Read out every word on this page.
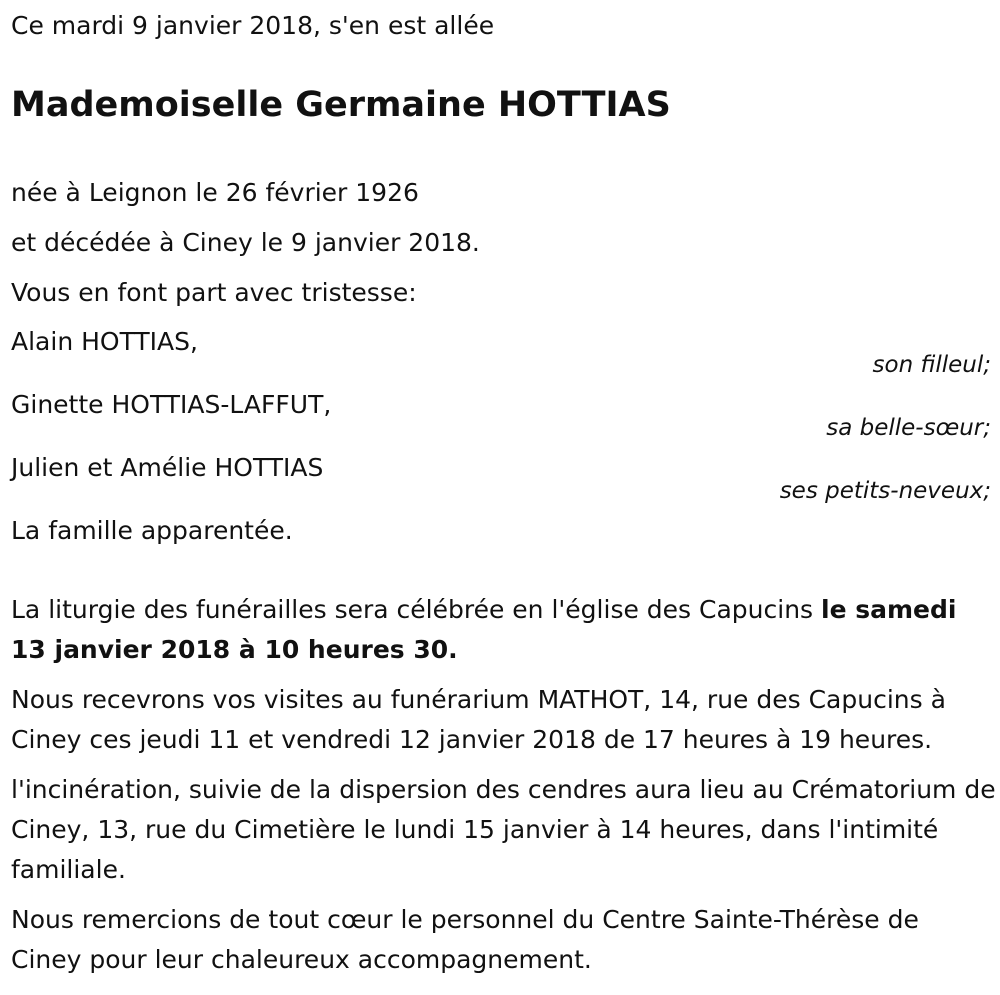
Ce mardi 9 janvier 2018, s'en est allée
Mademoiselle Germaine HOTTIAS
née à Leignon le 26 février 1926
et décédée à Ciney le 9 janvier 2018.
Vous en font part avec tristesse:
Alain HOTTIAS,
son filleul;
Ginette HOTTIAS-LAFFUT,
sa belle-sœur;
Julien et Amélie HOTTIAS
ses petits-neveux;
La famille apparentée.
La liturgie des funérailles sera célébrée en l'église des Capucins le samedi 13 janvier 2018 à 10 heures 30.
Nous recevrons vos visites au funérarium MATHOT, 14, rue des Capucins à Ciney ces jeudi 11 et vendredi 12 janvier 2018 de 17 heures à 19 heures.
l'incinération, suivie de la dispersion des cendres aura lieu au Crématorium de Ciney, 13, rue du Cimetière le lundi 15 janvier à 14 heures, dans l'intimité familiale.
Nous remercions de tout cœur le personnel du Centre Sainte-Thérèse de Ciney pour leur chaleureux accompagnement.
